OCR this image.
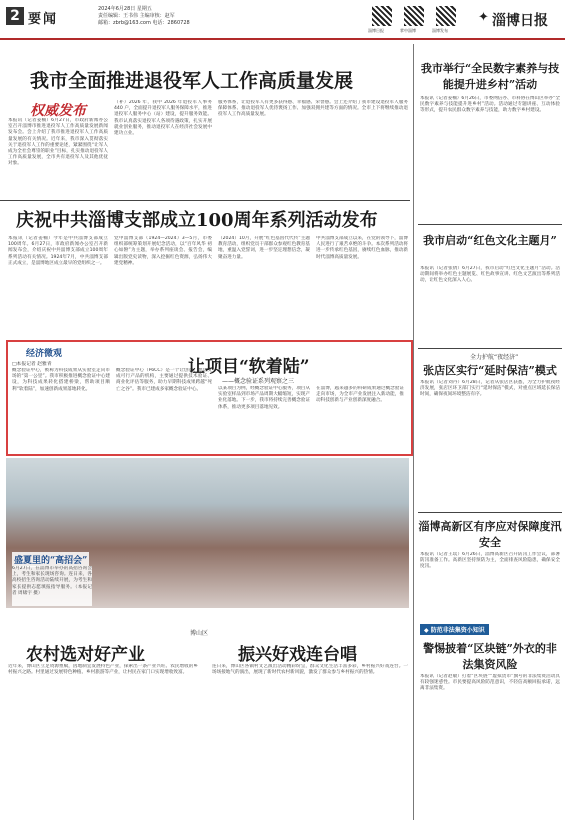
2 要闻
2024年6月28日 星期五
责任编辑：王书伟 主编审核：赵军
邮箱：zbrb@163.com 电话：2860728
淄博日报	掌中淄博	淄博发布
✦ 淄博日报
我市全面推进退役军人工作高质量发展
权威发布
本报讯（记者姜楠）6月27日，市政府新闻办公室召开淄博市推进退役军人工作高质量发展新闻发布会。会上介绍了我市推进退役军人工作高质量发展的有关情况。近年来，我市深入贯彻落实关于退役军人工作的重要论述，紧紧围绕“让军人成为全社会尊崇的职业”目标，扎实推动退役军人工作高质量发展，全市共有退役军人及其他优抚对象。
（补）2026 年，我中 2026 年退役军人事务 440 户，全面提升退役军人服务保障水平，推进退役军人服务中心（站）建设，提升服务效能。我市认真落实退役军人各项待遇政策，扎实开展就业创业服务，推动退役军人在经济社会发展中建功立业。
服务体系，让退役军人有更多获得感、幸福感、荣誉感。会上还介绍了我市建设退役军人服务保障体系、推动退役军人优待褒扬工作、加强双拥共建等方面的情况。全市上下将继续推动退役军人工作高质量发展。
庆祝中共淄博支部成立100周年系列活动发布
本报讯（记者姜楠）今年是中共淄博支部成立100周年。6月27日，市政府新闻办公室召开新闻发布会，介绍庆祝中共淄博支部成立100周年系列活动有关情况。1924年7月，中共淄博支部正式成立，是淄博地区成立最早的党组织之一。
党中淄博支部（1924—2024）3—5月，市委组织部统筹策划开展纪念活动，以“百年风华 初心如磐”为主题，举办系列座谈会、报告会，编辑出版党史读物，深入挖掘红色资源，弘扬伟大建党精神。
（2024）10月，开展“红色基因代代传”主题教育活动，组织党员干部群众参观红色教育基地，重温入党誓词，进一步坚定理想信念，凝聚奋进力量。
中共淄博支部成立以来，在党的领导下，淄博人民进行了艰苦卓绝的斗争。本次系列活动将进一步传承红色基因，赓续红色血脉，推动新时代淄博高质量发展。
经济微观
让项目“软着陆”
——概念验证系列观察之三
□本报记者 赵雅青
概念验证中心，被称为科技成果从实验室走向市场的“第一公里”。我市积极推进概念验证中心建设，为科技成果转化搭建桥梁，帮助项目顺利“软着陆”，加速创新成果落地转化。
概念验证中心（PoCC）是一个让创意、想法变成可行产品的机构，主要通过提供技术验证、商业化评估等服务，助力早期科技成果跨越“死亡之谷”。我市已建成多家概念验证中心。	以某项目为例，经概念验证中心服务，项目从实验室样品到市场产品周期大幅缩短，实现产业化落地。下一步，我市将持续完善概念验证体系，推动更多项目落地见效。
在淄博，越来越多的科研成果通过概念验证走向市场，为全市产业发展注入新动能，推动科技创新与产业创新深度融合。
盛夏里的“高招会”
6月27日，在淄博市举办的高招咨询会上，考生和家长现场咨询。连日来，各高校招生咨询活动陆续开展，为考生和家长提供志愿填报指导服务。（本报记者 周啸宇 摄）
博山区
农村选对好产业
近年来，博山区立足资源禀赋，因地制宜发展特色产业，探索出一条产业兴旺、农民增收的乡村振兴之路。村里通过发展特色种植、乡村旅游等产业，让村民在家门口实现增收致富。
振兴好戏连台唱
连日来，博山区各镇村文艺演出活动精彩纷呈，群众文化生活丰富多彩，乡村振兴好戏连台。一场场接地气的演出，展现了新时代农村新风貌，激发了群众参与乡村振兴的热情。
我市举行“全民数字素养与技能提升进乡村”活动
本报讯（记者姜楠）6月26日，市委网信办、市科协在博山区举办“全民数字素养与技能提升进乡村”活动。活动通过专题讲座、互动体验等形式，提升农民群众数字素养与技能，助力数字乡村建设。
我市启动“红色文化主题月”
本报讯（记者张倩）6月27日，我市启动“红色文化主题月”活动。活动期间将举办红色主题展览、红色故事宣讲、红色文艺演出等系列活动，让红色文化深入人心。
全力护航“夜经济”
张店区实行“延时保洁”模式
本报讯（记者刘丹）6月28日，记者从张店区获悉，为全力护航夜经济发展，张店区环卫部门实行“延时保洁”模式，对重点区域延长保洁时间，确保夜间环境整洁有序。
淄博高新区有序应对保障度汛安全
本报讯（记者王琰）6月26日，淄博高新区召开防汛工作会议，部署防汛准备工作。高新区坚持预防为主，全面排查风险隐患，确保安全度汛。
◆ 防范非法集资小知识
警惕披着“区块链”外衣的非法集资风险
本报讯（记者赵敏）打着“区块链”“虚拟货币”旗号的非法集资活动具有较强迷惑性。市民要提高风险防范意识，不轻信高额回报承诺，远离非法集资。
